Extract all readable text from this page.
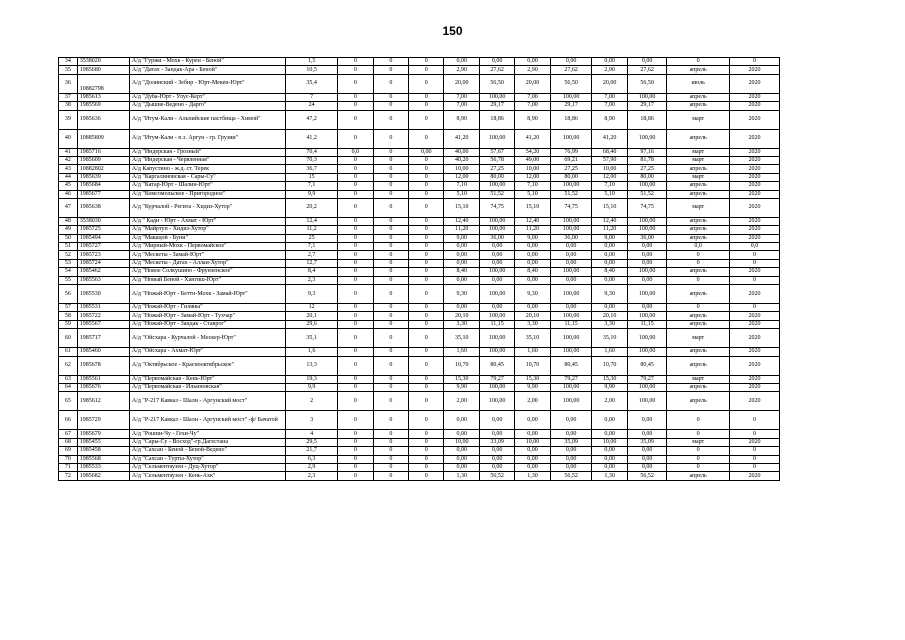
150
34	3538020	А/д "Гуржи - Мохк - Курен - Беной"	1,5	0	0	0	0,00	0,00	0,00	0,00	0,00	0,00	0	0
35	1985680	А/д "Датах - Зандак-Ара - Беной"	10,5	0	0	0	2,90	27,62	2,90	27,62	2,90	27,62	апрель	2020
36	10882798	А/д "Долинский - Зебир - Юрт-Мекен-Юрт"	35,4	0	0	0	20,00	56,50	20,00	56,50	20,00	56,50	июль	2020
37	1985613	А/д "Дуба-Юрт - Улус-Керт"	7	0	0	0	7,00	100,00	7,00	100,00	7,00	100,00	апрель	2020
38	1985569	А/д "Дышне-Ведено - Дарго"	24	0	0	0	7,00	29,17	7,00	29,17	7,00	29,17	апрель	2020
39	1985636	А/д "Итум-Кали - Альпийские пастбища - Химой"	47,2	0	0	0	8,90	18,86	8,90	18,86	8,90	18,86	март	2020
40	10885809	А/д "Итум-Кали - п.з. Аргун - гр. Грузии"	41,2	0	0	0	41,20	100,00	41,20	100,00	41,20	100,00	апрель	2020
41	1985716	А/д "Индерская - Грозный"	70,4	0,0	0	0,00	40,00	57,67	54,20	76,99	68,40	97,16	март	2020
42	1985609	А/д "Индерская - Червленная"	70,3	0	0	0	40,20	56,78	49,00	69,21	57,90	81,78	март	2020
43	10882802	А/д Капустино - ж.д. ст. Терек	36,7	0	0	0	10,00	27,25	10,00	27,25	10,00	27,25	апрель	2020
44	1985639	А/д "Каргалиновская - Сары-Су"	15	0	0	0	12,00	80,00	12,00	80,00	12,00	80,00	март	2020
45	1985684	А/д "Катар-Юрт - Шалин-Юрт"	7,1	0	0	0	7,10	100,00	7,10	100,00	7,10	100,00	апрель	2020
46	1985677	А/д "Комсомольское - Пригородное"	9,9	0	0	0	5,10	51,52	5,10	51,52	5,10	51,52	апрель	2020
47	1985638	А/д "Курчалой - Регита - Хидиз-Хутор"	20,2	0	0	0	15,10	74,75	15,10	74,75	15,10	74,75	март	2020
48	3538030	А/д " Кади - Юрт - Ахмат - Юрт"	12,4	0	0	0	12,40	100,00	12,40	100,00	12,40	100,00	апрель	2020
49	1985725	А/д "Майртуп - Хидиз-Хутор"	11,2	0	0	0	11,20	100,00	11,20	100,00	11,20	100,00	апрель	2020
50	1985494	А/д "Макацой - Буни"	25	0	0	0	9,00	36,00	9,00	36,00	9,00	36,00	апрель	2020
51	1985727	А/д "Мирный-Мохк - Первомайское"	7,1	0	0	0	0,00	0,00	0,00	0,00	0,00	0,00	0,0	0,0
52	1985723	А/д "Мескеты - Замай-Юрт"	2,7	0	0	0	0,00	0,00	0,00	0,00	0,00	0,00	0	0
53	1985724	А/д "Мескеты - Датах - Аллаи-Хутор"	12,7	0	0	0	0,00	0,00	0,00	0,00	0,00	0,00	0	0
54	1985462	А/д "Новое Солкушино - Фрунзенское"	8,4	0	0	0	8,40	100,00	8,40	100,00	8,40	100,00	апрель	2020
55	1985563	А/д "Новый Беной - Хангиш-Юрт"	2,3	0	0	0	0,00	0,00	0,00	0,00	0,00	0,00	0	0
56	1985530	А/д "Ножай-Юрт - Беттн-Мохк - Замай-Юрт"	9,3	0	0	0	9,30	100,00	9,30	100,00	9,30	100,00	апрель	2020
57	1985531	А/д "Ножай-Юрт - Гиляны"	12	0	0	0	0,00	0,00	0,00	0,00	0,00	0,00	0	0
58	1985722	А/д "Ножай-Юрт - Замай-Юрт - Тухчар"	20,1	0	0	0	20,10	100,00	20,10	100,00	20,10	100,00	апрель	2020
59	1985567	А/д "Ножай-Юрт - Зандак - Ставрог"	29,6	0	0	0	3,30	11,15	3,30	11,15	3,30	11,15	апрель	2020
60	1985717	А/д "Ойсхара - Курчалой - Мескер-Юрт"	35,1	0	0	0	35,10	100,00	35,10	100,00	35,10	100,00	март	2020
61	1985460	А/д "Ойсхара - Ахмат-Юрт"	1,6	0	0	0	1,60	100,00	1,60	100,00	1,60	100,00	апрель	2020
62	1985678	А/д "Октябрьское - Краснооктябрьское"	13,3	0	0	0	10,70	80,45	10,70	80,45	10,70	80,45	апрель	2020
63	1985561	А/д "Первомайская - Кень-Юрт"	19,3	0	0	0	15,30	79,27	15,30	79,27	15,30	79,27	март	2020
64	1985676	А/д "Первомайская - Ильиновская"	9,9	0	0	0	9,90	100,00	9,90	100,00	9,90	100,00	апрель	2020
65	1985612	А/д "Р-217 Кавказ - Шали - Аргунский мост"	2	0	0	0	2,00	100,00	2,00	100,00	2,00	100,00	апрель	2020
66	1985729	А/д "Р-217 Кавказ - Шали - Аргунский мост" -ф/ Бачатой	3	0	0	0	0,00	0,00	0,00	0,00	0,00	0,00	0	0
67	1985679	А/д "Рошни-Чу - Гехи-Чу"	4	0	0	0	0,00	0,00	0,00	0,00	0,00	0,00	0	0
68	1985455	А/д "Сары-Су - Восход"-гр.Дагестана	29,5	0	0	0	10,00	33,09	10,00	35,09	10,00	35,09	март	2020
69	1985458	А/д "Сахсан - Беной - Беной-Ведено"	21,7	0	0	0	0,00	0,00	0,00	0,00	0,00	0,00	0	0
70	1985568	А/д "Сахсан - Турты-Хутор"	6,3	0	0	0	0,00	0,00	0,00	0,00	0,00	0,00	0	0
71	1985533	А/д "Сельментаузен - Дуц-Хутор"	2,9	0	0	0	0,00	0,00	0,00	0,00	0,00	0,00	0	0
72	1985682	А/д "Сельментаузен - Кень-Ахк"	2,3	0	0	0	1,30	56,52	1,30	56,52	1,30	56,52	апрель	2020
